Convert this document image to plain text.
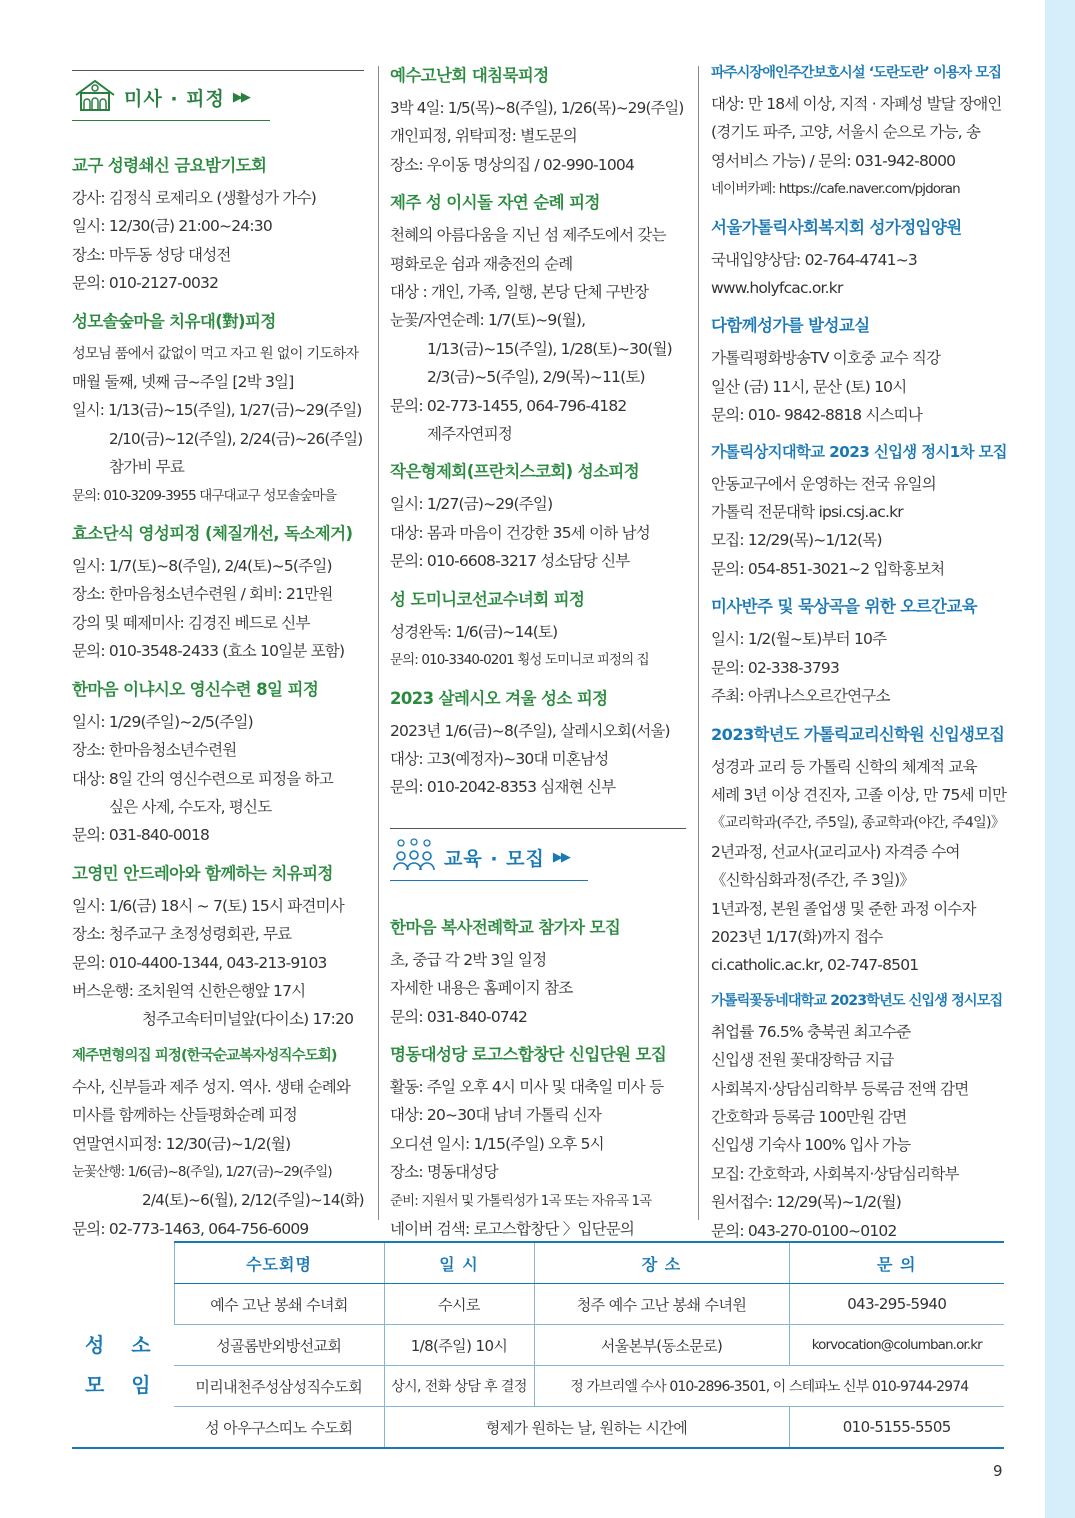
미사 · 피정 ▶▶
교구 성령쇄신 금요밤기도회
강사: 김정식 로제리오 (생활성가 가수)
일시: 12/30(금) 21:00~24:30
장소: 마두동 성당 대성전
문의: 010-2127-0032
성모솔숲마을 치유대(對)피정
성모님 품에서 값없이 먹고 자고 원 없이 기도하자
매월 둘째, 넷째 금~주일 [2박 3일]
일시: 1/13(금)~15(주일), 1/27(금)~29(주일)
2/10(금)~12(주일), 2/24(금)~26(주일)
참가비 무료
문의: 010-3209-3955 대구대교구 성모솔숲마을
효소단식 영성피정 (체질개선, 독소제거)
일시: 1/7(토)~8(주일), 2/4(토)~5(주일)
장소: 한마음청소년수련원 / 회비: 21만원
강의 및 떼제미사: 김경진 베드로 신부
문의: 010-3548-2433 (효소 10일분 포함)
한마음 이냐시오 영신수련 8일 피정
일시: 1/29(주일)~2/5(주일)
장소: 한마음청소년수련원
대상: 8일 간의 영신수련으로 피정을 하고
싶은 사제, 수도자, 평신도
문의: 031-840-0018
고영민 안드레아와 함께하는 치유피정
일시: 1/6(금) 18시 ~ 7(토) 15시 파견미사
장소: 청주교구 초정성령회관, 무료
문의: 010-4400-1344, 043-213-9103
버스운행: 조치원역 신한은행앞 17시
청주고속터미널앞(다이소) 17:20
제주면형의집 피정(한국순교복자성직수도회)
수사, 신부들과 제주 성지. 역사. 생태 순례와
미사를 함께하는 산들평화순례 피정
연말연시피정: 12/30(금)~1/2(월)
눈꽃산행: 1/6(금)~8(주일), 1/27(금)~29(주일)
2/4(토)~6(월), 2/12(주일)~14(화)
문의: 02-773-1463, 064-756-6009
예수고난회 대침묵피정
3박 4일: 1/5(목)~8(주일), 1/26(목)~29(주일)
개인피정, 위탁피정: 별도문의
장소: 우이동 명상의집 / 02-990-1004
제주 성 이시돌 자연 순례 피정
천혜의 아름다움을 지닌 섬 제주도에서 갖는
평화로운 쉼과 재충전의 순례
대상 : 개인, 가족, 일행, 본당 단체 구반장
눈꽃/자연순례: 1/7(토)~9(월),
1/13(금)~15(주일), 1/28(토)~30(월)
2/3(금)~5(주일), 2/9(목)~11(토)
문의: 02-773-1455, 064-796-4182
제주자연피정
작은형제회(프란치스코회) 성소피정
일시: 1/27(금)~29(주일)
대상: 몸과 마음이 건강한 35세 이하 남성
문의: 010-6608-3217 성소담당 신부
성 도미니코선교수녀회 피정
성경완독: 1/6(금)~14(토)
문의: 010-3340-0201 횡성 도미니코 피정의 집
2023 살레시오 겨울 성소 피정
2023년 1/6(금)~8(주일), 살레시오회(서울)
대상: 고3(예정자)~30대 미혼남성
문의: 010-2042-8353 심재현 신부
교육 · 모집 ▶▶
한마음 복사전례학교 참가자 모집
초, 중급 각 2박 3일 일정
자세한 내용은 홈페이지 참조
문의: 031-840-0742
명동대성당 로고스합창단 신입단원 모집
활동: 주일 오후 4시 미사 및 대축일 미사 등
대상: 20~30대 남녀 가톨릭 신자
오디션 일시: 1/15(주일) 오후 5시
장소: 명동대성당
준비: 지원서 및 가톨릭성가 1곡 또는 자유곡 1곡
네이버 검색: 로고스합창단 〉입단문의
파주시장애인주간보호시설 ‘도란도란’ 이용자 모집
대상: 만 18세 이상, 지적 · 자폐성 발달 장애인
(경기도 파주, 고양, 서울시 순으로 가능, 송
영서비스 가능) / 문의: 031-942-8000
네이버카페: https://cafe.naver.com/pjdoran
서울가톨릭사회복지회 성가정입양원
국내입양상담: 02-764-4741~3
www.holyfcac.or.kr
다함께성가를 발성교실
가톨릭평화방송TV 이호중 교수 직강
일산 (금) 11시, 문산 (토) 10시
문의: 010- 9842-8818 시스띠나
가톨릭상지대학교 2023 신입생 정시1차 모집
안동교구에서 운영하는 전국 유일의
가톨릭 전문대학 ipsi.csj.ac.kr
모집: 12/29(목)~1/12(목)
문의: 054-851-3021~2 입학홍보처
미사반주 및 묵상곡을 위한 오르간교육
일시: 1/2(월~토)부터 10주
문의: 02-338-3793
주최: 아퀴나스오르간연구소
2023학년도 가톨릭교리신학원 신입생모집
성경과 교리 등 가톨릭 신학의 체계적 교육
세례 3년 이상 견진자, 고졸 이상, 만 75세 미만
《교리학과(주간, 주5일), 종교학과(야간, 주4일)》
2년과정, 선교사(교리교사) 자격증 수여
《신학심화과정(주간, 주 3일)》
1년과정, 본원 졸업생 및 준한 과정 이수자
2023년 1/17(화)까지 접수
ci.catholic.ac.kr, 02-747-8501
가톨릭꽃동네대학교 2023학년도 신입생 정시모집
취업률 76.5% 충북권 최고수준
신입생 전원 꽃대장학금 지급
사회복지·상담심리학부 등록금 전액 감면
간호학과 등록금 100만원 감면
신입생 기숙사 100% 입사 가능
모집: 간호학과, 사회복지·상담심리학부
원서접수: 12/29(목)~1/2(월)
문의: 043-270-0100~0102
	수도회명	일 시	장 소	문 의

성 소
모 임	예수 고난 봉쇄 수녀회	수시로	청주 예수 고난 봉쇄 수녀원	043-295-5940
	성골롬반외방선교회	1/8(주일) 10시	서울본부(동소문로)	korvocation@columban.or.kr
	미리내천주성삼성직수도회	상시, 전화 상담 후 결정	정 가브리엘 수사 010-2896-3501, 이 스테파노 신부 010-9744-2974	
	성 아우구스띠노 수도회	형제가 원하는 날, 원하는 시간에		010-5155-5505
9
